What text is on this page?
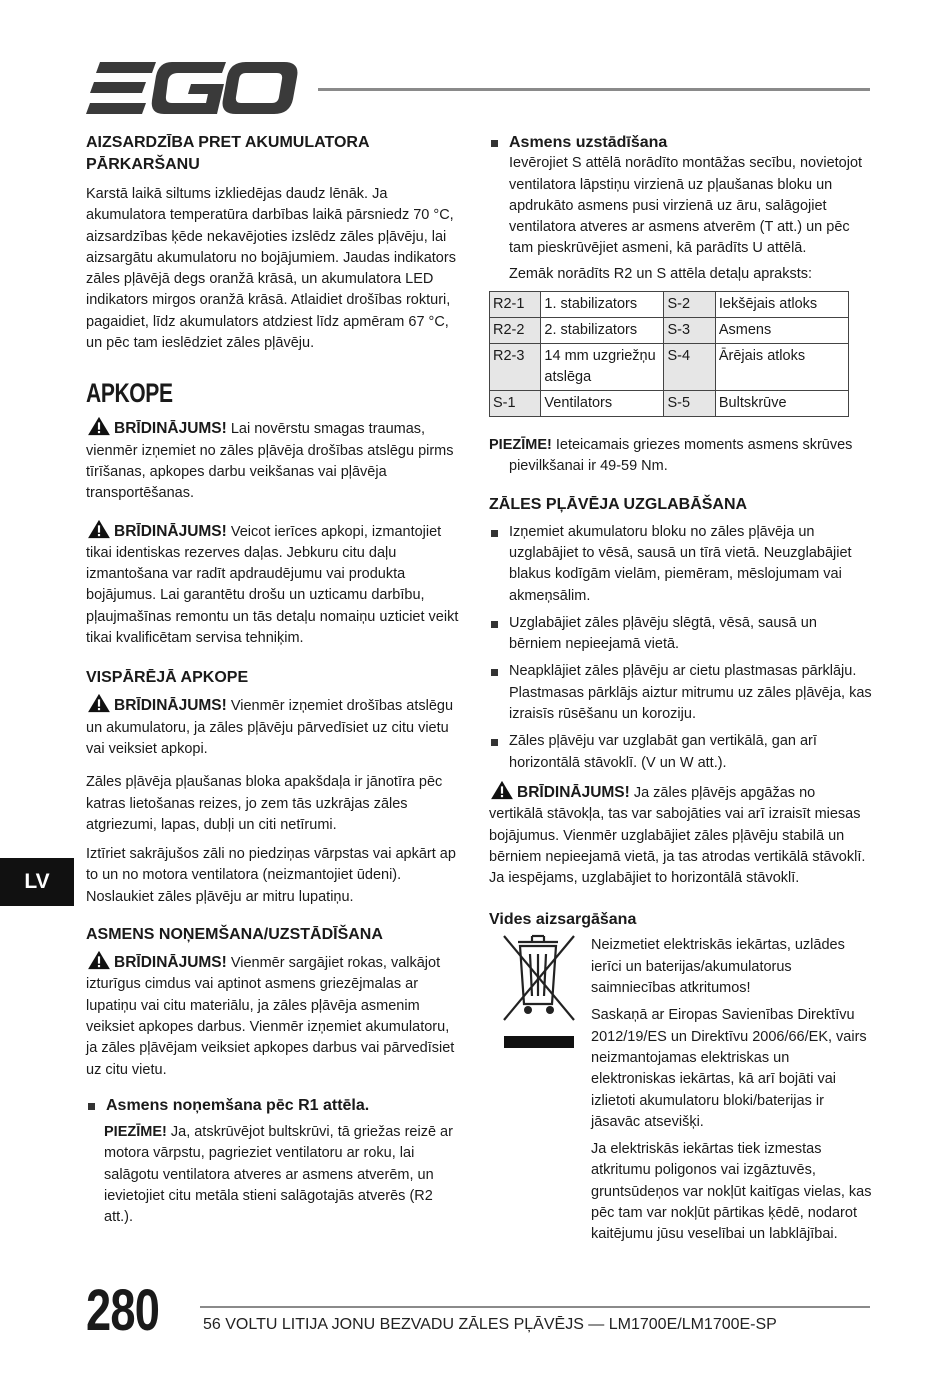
AIZSARDZĪBA PRET AKUMULATORA
PĀRKARŠANU

Karstā laikā siltums izkliedējas daudz lēnāk. Ja akumulatora temperatūra darbības laikā pārsniedz 70 °C, aizsardzības ķēde nekavējoties izslēdz zāles pļāvēju, lai aizsargātu akumulatoru no bojājumiem. Jaudas indikators zāles pļāvējā degs oranžā krāsā, un akumulatora LED indikators mirgos oranžā krāsā. Atlaidiet drošības rokturi, pagaidiet, līdz akumulators atdziest līdz apmēram 67 °C, un pēc tam ieslēdziet zāles pļāvēju.

APKOPE

BRĪDINĀJUMS! Lai novērstu smagas traumas, vienmēr izņemiet no zāles pļāvēja drošības atslēgu pirms tīrīšanas, apkopes darbu veikšanas vai pļāvēja transportēšanas.

BRĪDINĀJUMS! Veicot ierīces apkopi, izmantojiet tikai identiskas rezerves daļas. Jebkuru citu daļu izmantošana var radīt apdraudējumu vai produkta bojājumus. Lai garantētu drošu un uzticamu darbību, pļaujmašīnas remontu un tās detaļu nomaiņu uzticiet veikt tikai kvalificētam servisa tehniķim.

VISPĀRĒJĀ APKOPE

BRĪDINĀJUMS! Vienmēr izņemiet drošības atslēgu un akumulatoru, ja zāles pļāvēju pārvedīsiet uz citu vietu vai veiksiet apkopi.

Zāles pļāvēja pļaušanas bloka apakšdaļa ir jānotīra pēc katras lietošanas reizes, jo zem tās uzkrājas zāles atgriezumi, lapas, dubļi un citi netīrumi.

Iztīriet sakrājušos zāli no piedziņas vārpstas vai apkārt ap to un no motora ventilatora (neizmantojiet ūdeni). Noslaukiet zāles pļāvēju ar mitru lupatiņu.

ASMENS NOŅEMŠANA/UZSTĀDĪŠANA

BRĪDINĀJUMS! Vienmēr sargājiet rokas, valkājot izturīgus cimdus vai aptinot asmens griezējmalas ar lupatiņu vai citu materiālu, ja zāles pļāvēja asmenim veiksiet apkopes darbus. Vienmēr izņemiet akumulatoru, ja zāles pļāvējam veiksiet apkopes darbus vai pārvedīsiet uz citu vietu.

Asmens noņemšana pēc R1 attēla.

PIEZĪME! Ja, atskrūvējot bultskrūvi, tā griežas reizē ar motora vārpstu, pagrieziet ventilatoru ar roku, lai salāgotu ventilatora atveres ar asmens atverēm, un ievietojiet citu metāla stieni salāgotajās atverēs (R2 att.).

Asmens uzstādīšana

Ievērojiet S attēlā norādīto montāžas secību, novietojot ventilatora lāpstiņu virzienā uz pļaušanas bloku un apdrukāto asmens pusi virzienā uz āru, salāgojiet ventilatora atveres ar asmens atverēm (T att.) un pēc tam pieskrūvējiet asmeni, kā parādīts U attēlā.

Zemāk norādīts R2 un S attēla detaļu apraksts:

R2-1	1. stabilizators	S-2	Iekšējais atloks
R2-2	2. stabilizators	S-3	Asmens
R2-3	14 mm uzgriežņu atslēga	S-4	Ārējais atloks
S-1	Ventilators	S-5	Bultskrūve

PIEZĪME! Ieteicamais griezes moments asmens skrūves pievilkšanai ir 49-59 Nm.

ZĀLES PĻĀVĒJA UZGLABĀŠANA

Izņemiet akumulatoru bloku no zāles pļāvēja un uzglabājiet to vēsā, sausā un tīrā vietā. Neuzglabājiet blakus kodīgām vielām, piemēram, mēslojumam vai akmeņsālim.

Uzglabājiet zāles pļāvēju slēgtā, vēsā, sausā un bērniem nepieejamā vietā.

Neapklājiet zāles pļāvēju ar cietu plastmasas pārklāju. Plastmasas pārklājs aiztur mitrumu uz zāles pļāvēja, kas izraisīs rūsēšanu un koroziju.

Zāles pļāvēju var uzglabāt gan vertikālā, gan arī horizontālā stāvoklī. (V un W att.).

BRĪDINĀJUMS! Ja zāles pļāvējs apgāžas no vertikālā stāvokļa, tas var sabojāties vai arī izraisīt miesas bojājumus. Vienmēr uzglabājiet zāles pļāvēju stabilā un bērniem nepieejamā vietā, ja tas atrodas vertikālā stāvoklī. Ja iespējams, uzglabājiet to horizontālā stāvoklī.

Vides aizsargāšana

Neizmetiet elektriskās iekārtas, uzlādes ierīci un baterijas/akumulatorus saimniecības atkritumos!

Saskaņā ar Eiropas Savienības Direktīvu 2012/19/ES un Direktīvu 2006/66/EK, vairs neizmantojamas elektriskas un elektroniskas iekārtas, kā arī bojāti vai izlietoti akumulatoru bloki/baterijas ir jāsavāc atsevišķi.

Ja elektriskās iekārtas tiek izmestas atkritumu poligonos vai izgāztuvēs, gruntsūdeņos var nokļūt kaitīgas vielas, kas pēc tam var nokļūt pārtikas ķēdē, nodarot kaitējumu jūsu veselībai un labklājībai.

LV
280	56 VOLTU LITIJA JONU BEZVADU ZĀLES PĻĀVĒJS — LM1700E/LM1700E-SP
